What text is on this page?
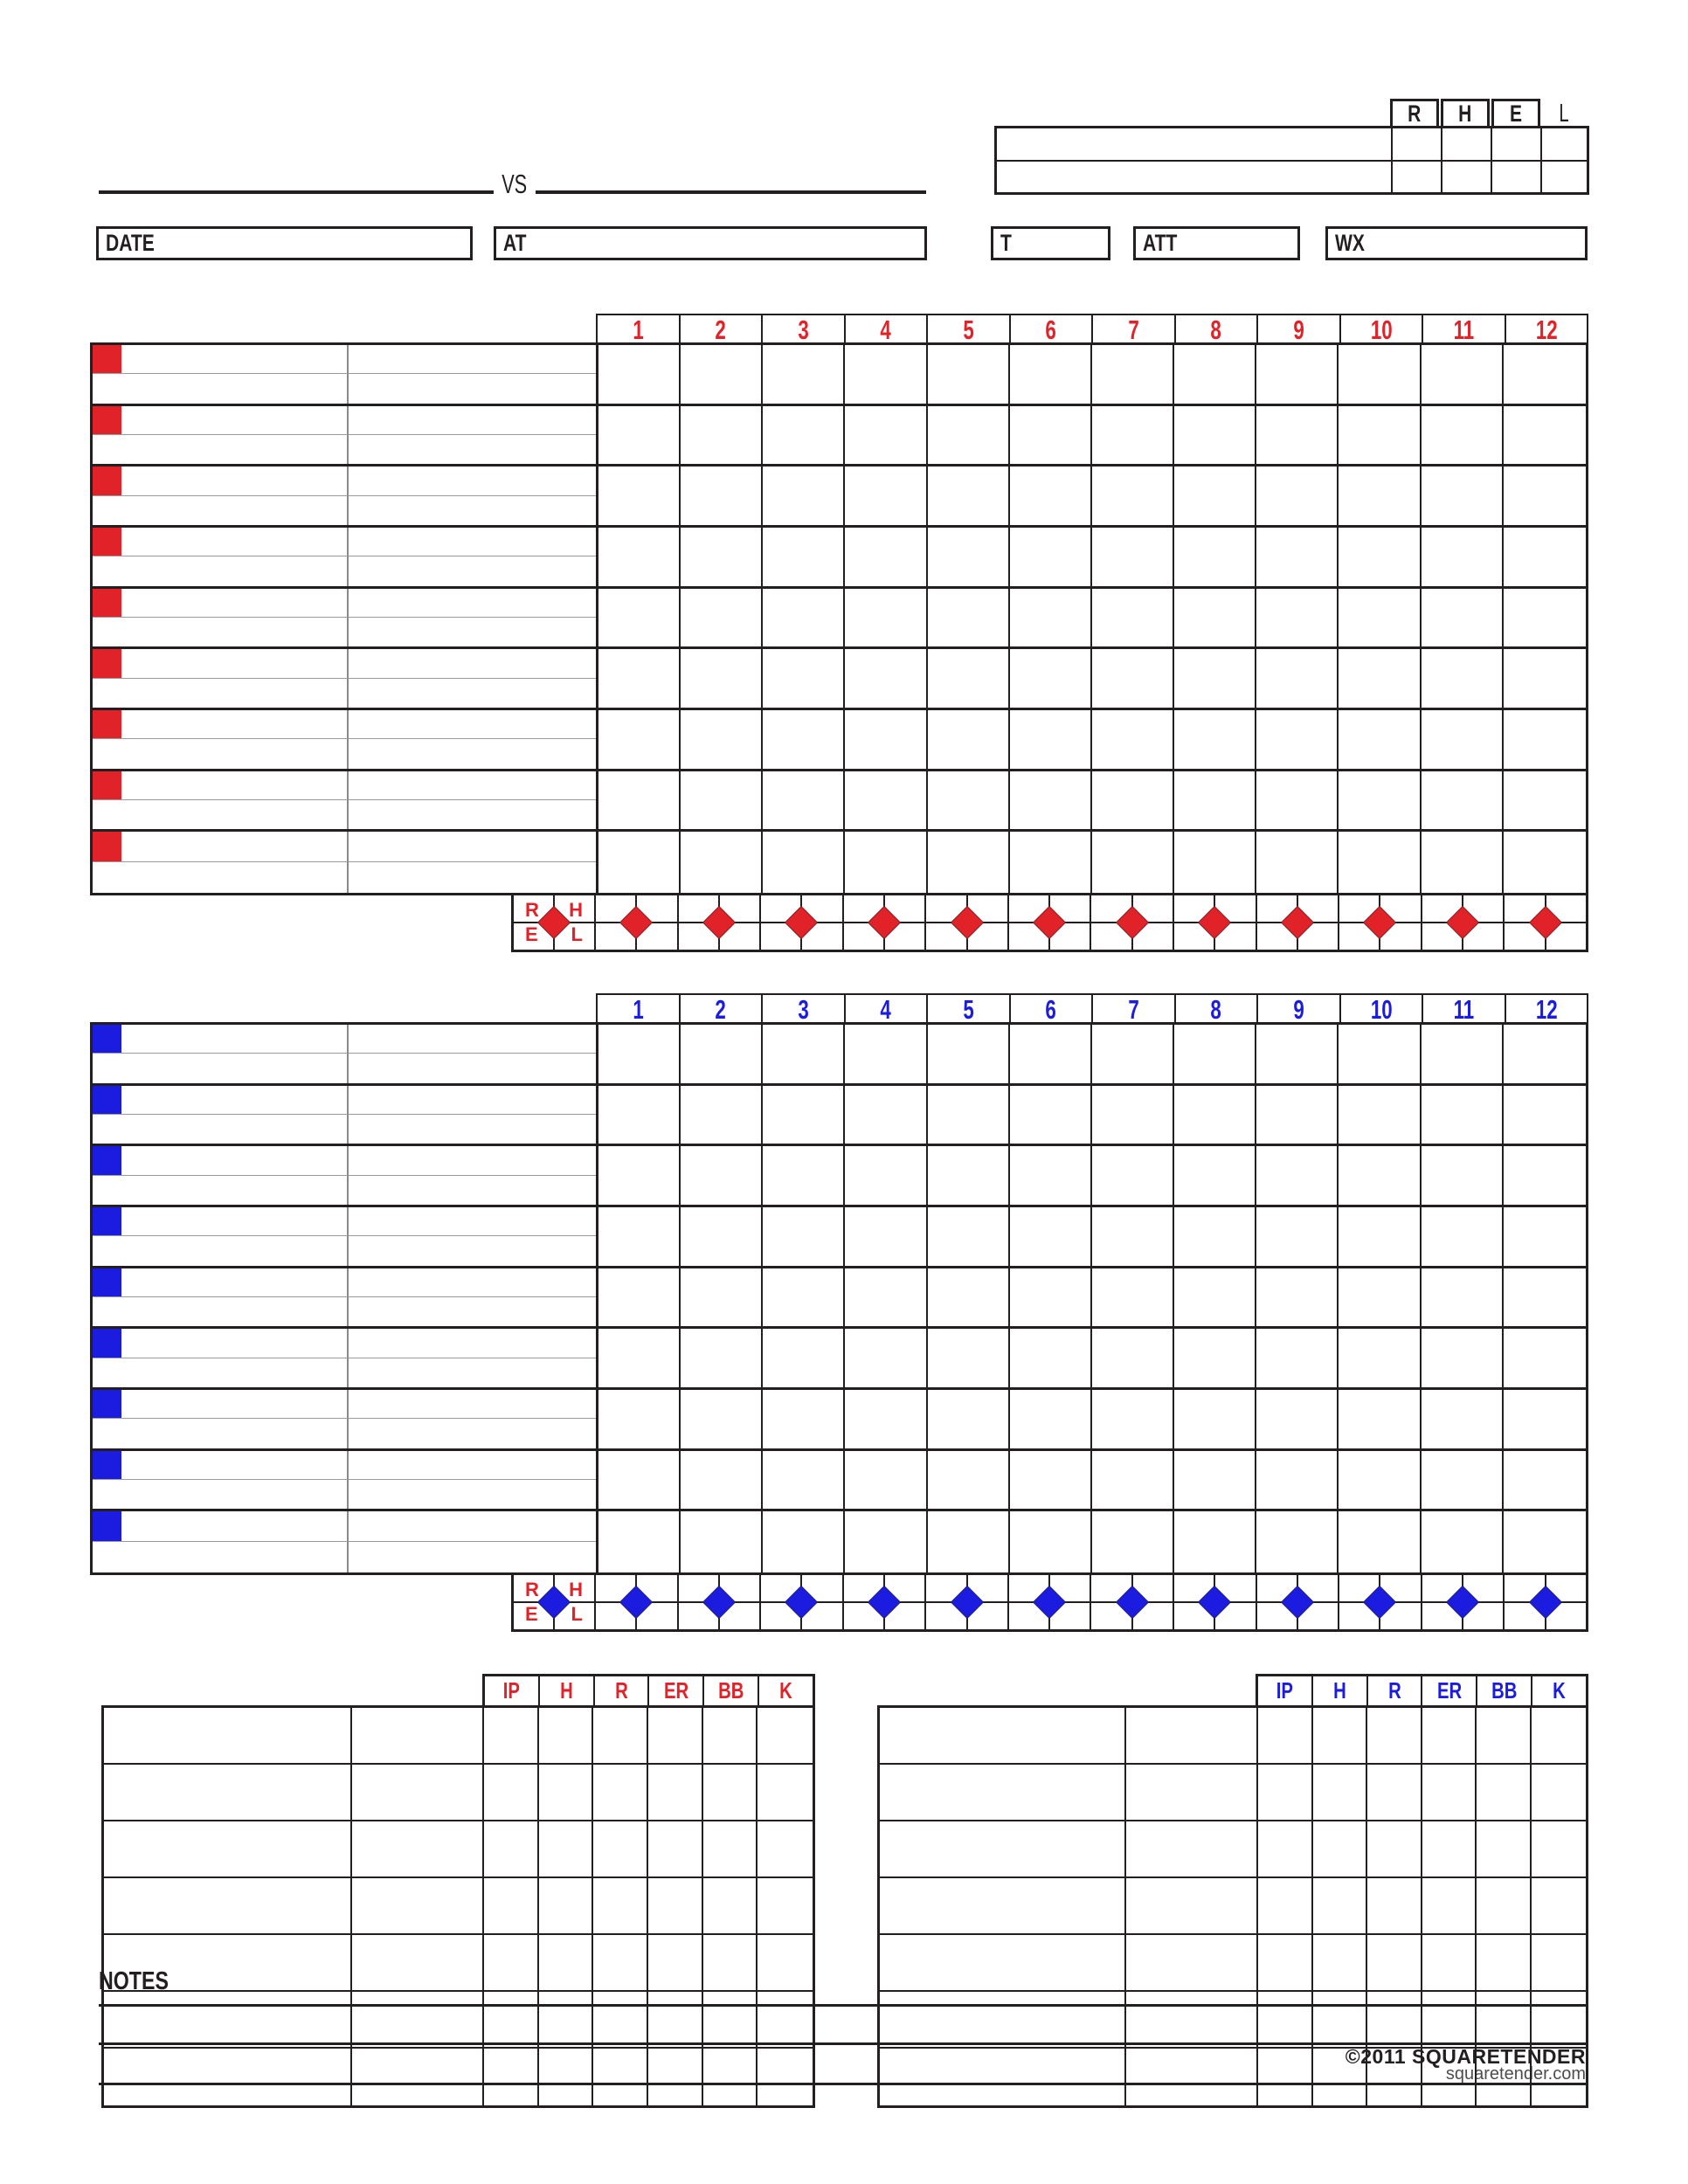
VS
R H E L
DATE	AT	T	ATT	WX
NOTES
©2011 SQUARETENDER
squaretender.com
1	2	3	4	5	6	7	8	9 10 11 12
R H
E L
1	2	3	4	5	6	7	8	9 10 11 12
R H
E L
IP H R ER BB K	IP H R ER BB K
